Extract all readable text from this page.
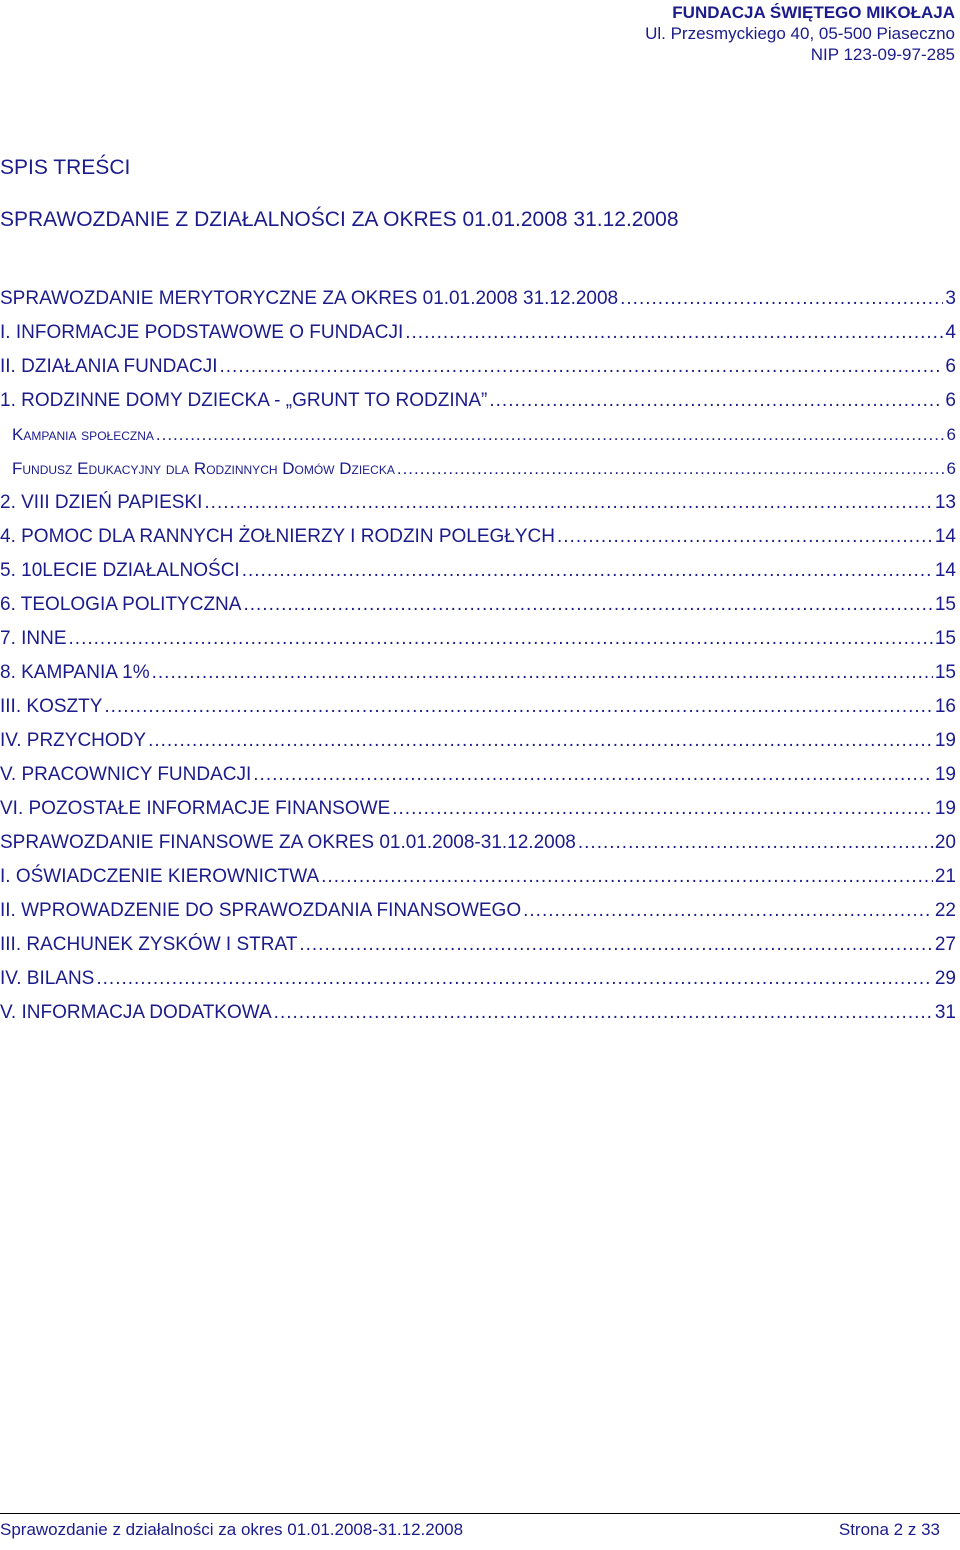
FUNDACJA ŚWIĘTEGO MIKOŁAJA
Ul. Przesmyckiego 40, 05-500 Piaseczno
NIP 123-09-97-285
SPIS TREŚCI
SPRAWOZDANIE Z DZIAŁALNOŚCI ZA OKRES 01.01.2008 31.12.2008
SPRAWOZDANIE MERYTORYCZNE ZA OKRES 01.01.2008 31.12.2008 .....	3
I. INFORMACJE PODSTAWOWE O FUNDACJI .....	4
II. DZIAŁANIA FUNDACJI .....	6
1. RODZINNE DOMY DZIECKA - „GRUNT TO RODZINA” .....	6
Kampania społeczna .....	6
Fundusz Edukacyjny dla Rodzinnych Domów Dziecka .....	6
2. VIII DZIEŃ PAPIESKI .....	13
4. POMOC DLA RANNYCH ŻOŁNIERZY I RODZIN POLEGŁYCH .....	14
5. 10LECIE DZIAŁALNOŚCI .....	14
6. TEOLOGIA POLITYCZNA .....	15
7. INNE .....	15
8. KAMPANIA 1% .....	15
III. KOSZTY .....	16
IV. PRZYCHODY .....	19
V. PRACOWNICY FUNDACJI .....	19
VI. POZOSTAŁE INFORMACJE FINANSOWE .....	19
SPRAWOZDANIE FINANSOWE ZA OKRES 01.01.2008-31.12.2008 .....	20
I. OŚWIADCZENIE KIEROWNICTWA .....	21
II. WPROWADZENIE DO SPRAWOZDANIA FINANSOWEGO .....	22
III. RACHUNEK ZYSKÓW I STRAT .....	27
IV. BILANS .....	29
V. INFORMACJA DODATKOWA .....	31
Sprawozdanie z działalności za okres 01.01.2008-31.12.2008	Strona 2 z 33
